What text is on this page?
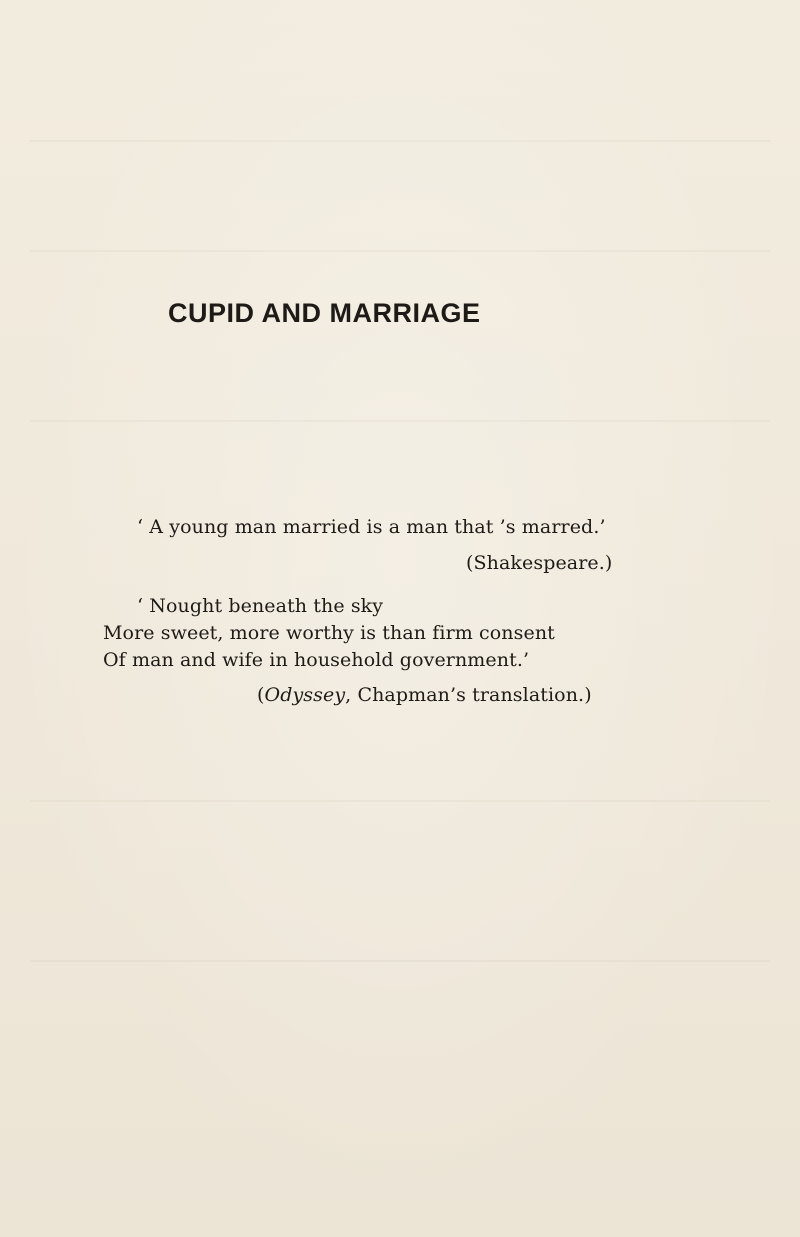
CUPID AND MARRIAGE

‘ A young man married is a man that ’s marred.’

(Shakespeare.)

‘ Nought beneath the sky

More sweet, more worthy is than firm consent

Of man and wife in household government.’

(Odyssey, Chapman’s translation.)
